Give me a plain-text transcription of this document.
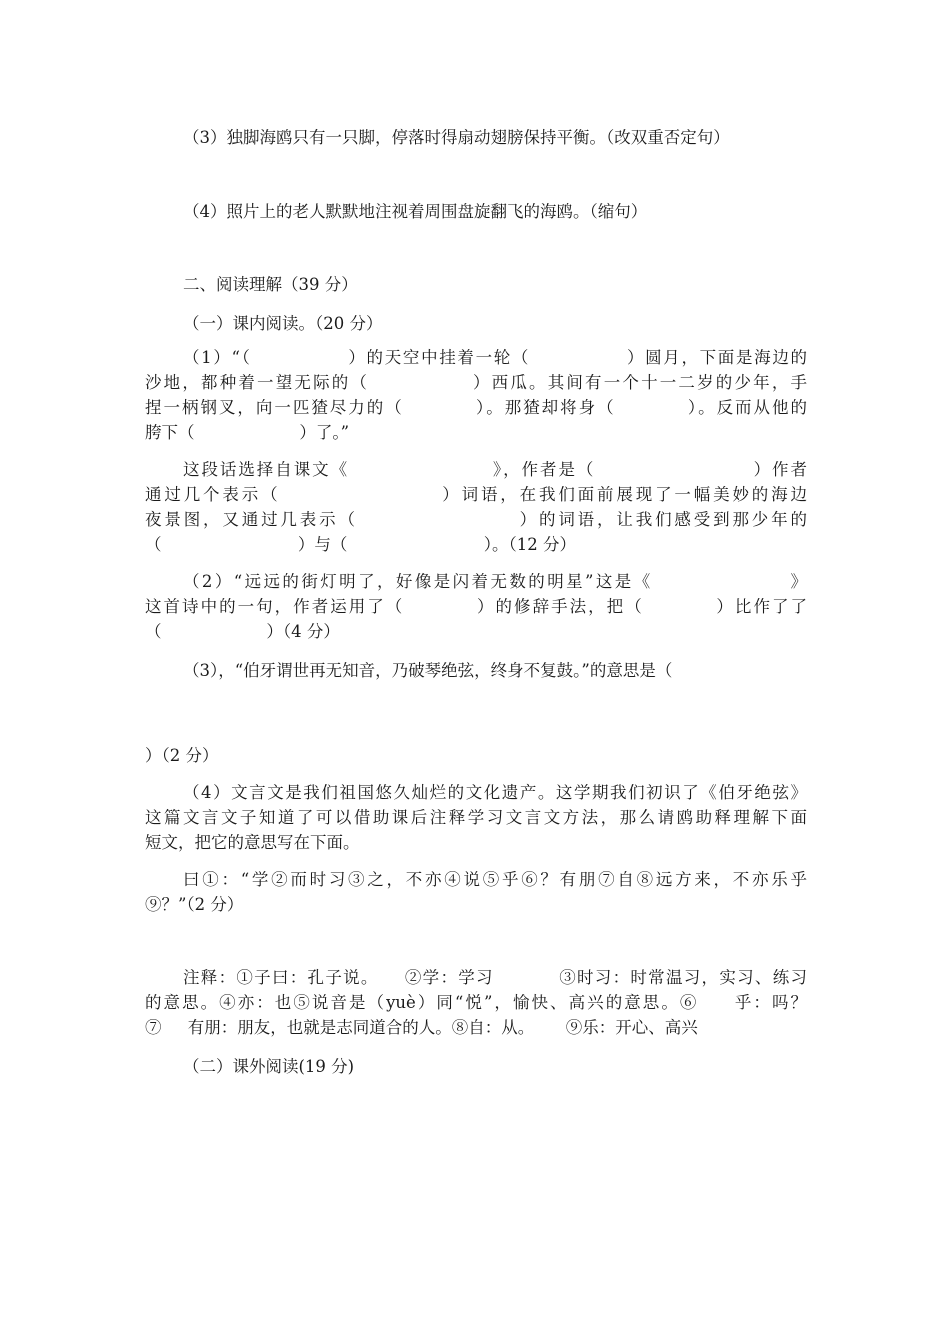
（3）独脚海鸥只有一只脚，停落时得扇动翅膀保持平衡。（改双重否定句）
（4）照片上的老人默默地注视着周围盘旋翻飞的海鸥。（缩句）
二、阅读理解（39 分）
（一）课内阅读。（20 分）
（1）“（              ）的天空中挂着一轮（              ）圆月，下面是海边的
沙地，都种着一望无际的（              ）西瓜。其间有一个十一二岁的少年，手
捏一柄钢叉，向一匹猹尽力的（          ）。那猹却将身（          ）。反而从他的
胯下（                    ）了。”
这段话选择自课文《                    》，作者是（                      ）作者
通过几个表示（                    ）词语，在我们面前展现了一幅美妙的海边
夜景图，又通过几表示（                    ）的词语，让我们感受到那少年的
（                          ）与（                          ）。（12 分）
（2）“远远的街灯明了，好像是闪着无数的明星”这是《                  》
这首诗中的一句，作者运用了（          ）的修辞手法，把（          ）比作了了
（                    ）（4 分）
（3），“伯牙谓世再无知音，乃破琴绝弦，终身不复鼓。”的意思是（
）（2 分）
（4）文言文是我们祖国悠久灿烂的文化遗产。这学期我们初识了《伯牙绝弦》
这篇文言文子知道了可以借助课后注释学习文言文方法，那么请鸥助释理解下面
短文，把它的意思写在下面。
曰①：“学②而时习③之，不亦④说⑤乎⑥？有朋⑦自⑧远方来，不亦乐乎
⑨？”（2 分）
注释：①子曰：孔子说。    ②学：学习          ③时习：时常温习，实习、练习
的意思。④亦：也⑤说音是（yuè）同“悦”，愉快、高兴的意思。⑥     乎：吗？
⑦     有朋：朋友，也就是志同道合的人。⑧自：从。      ⑨乐：开心、高兴
（二）课外阅读(19 分)
